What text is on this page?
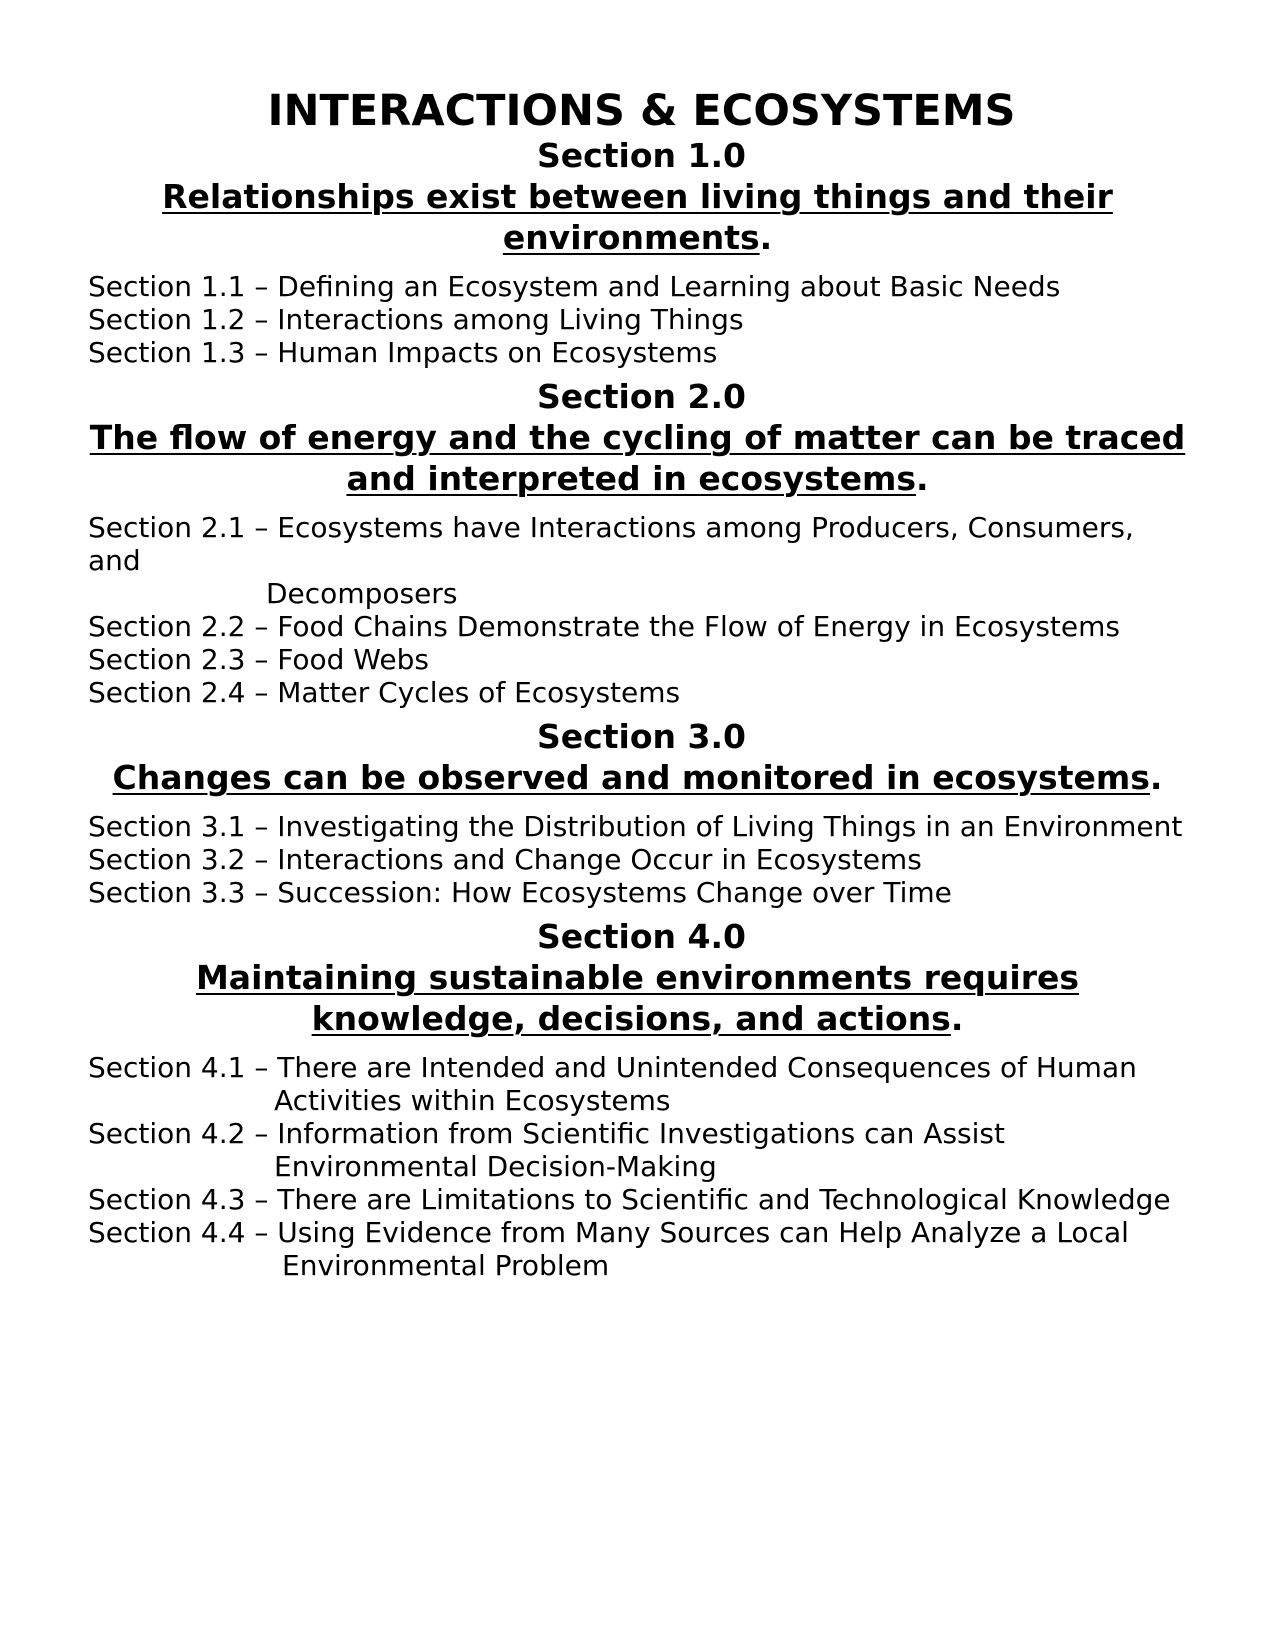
INTERACTIONS & ECOSYSTEMS
Section 1.0
Relationships exist between living things and their environments.
Section 1.1 – Defining an Ecosystem and Learning about Basic Needs
Section 1.2 – Interactions among Living Things
Section 1.3 – Human Impacts on Ecosystems
Section 2.0
The flow of energy and the cycling of matter can be traced and interpreted in ecosystems.
Section 2.1 – Ecosystems have Interactions among Producers, Consumers, and
Decomposers
Section 2.2 – Food Chains Demonstrate the Flow of Energy in Ecosystems
Section 2.3 – Food Webs
Section 2.4 – Matter Cycles of Ecosystems
Section 3.0
Changes can be observed and monitored in ecosystems.
Section 3.1 – Investigating the Distribution of Living Things in an Environment
Section 3.2 – Interactions and Change Occur in Ecosystems
Section 3.3 – Succession: How Ecosystems Change over Time
Section 4.0
Maintaining sustainable environments requires knowledge, decisions, and actions.
Section 4.1 – There are Intended and Unintended Consequences of Human
Activities within Ecosystems
Section 4.2 – Information from Scientific Investigations can Assist
Environmental Decision-Making
Section 4.3 – There are Limitations to Scientific and Technological Knowledge
Section 4.4 – Using Evidence from Many Sources can Help Analyze a Local
Environmental Problem
